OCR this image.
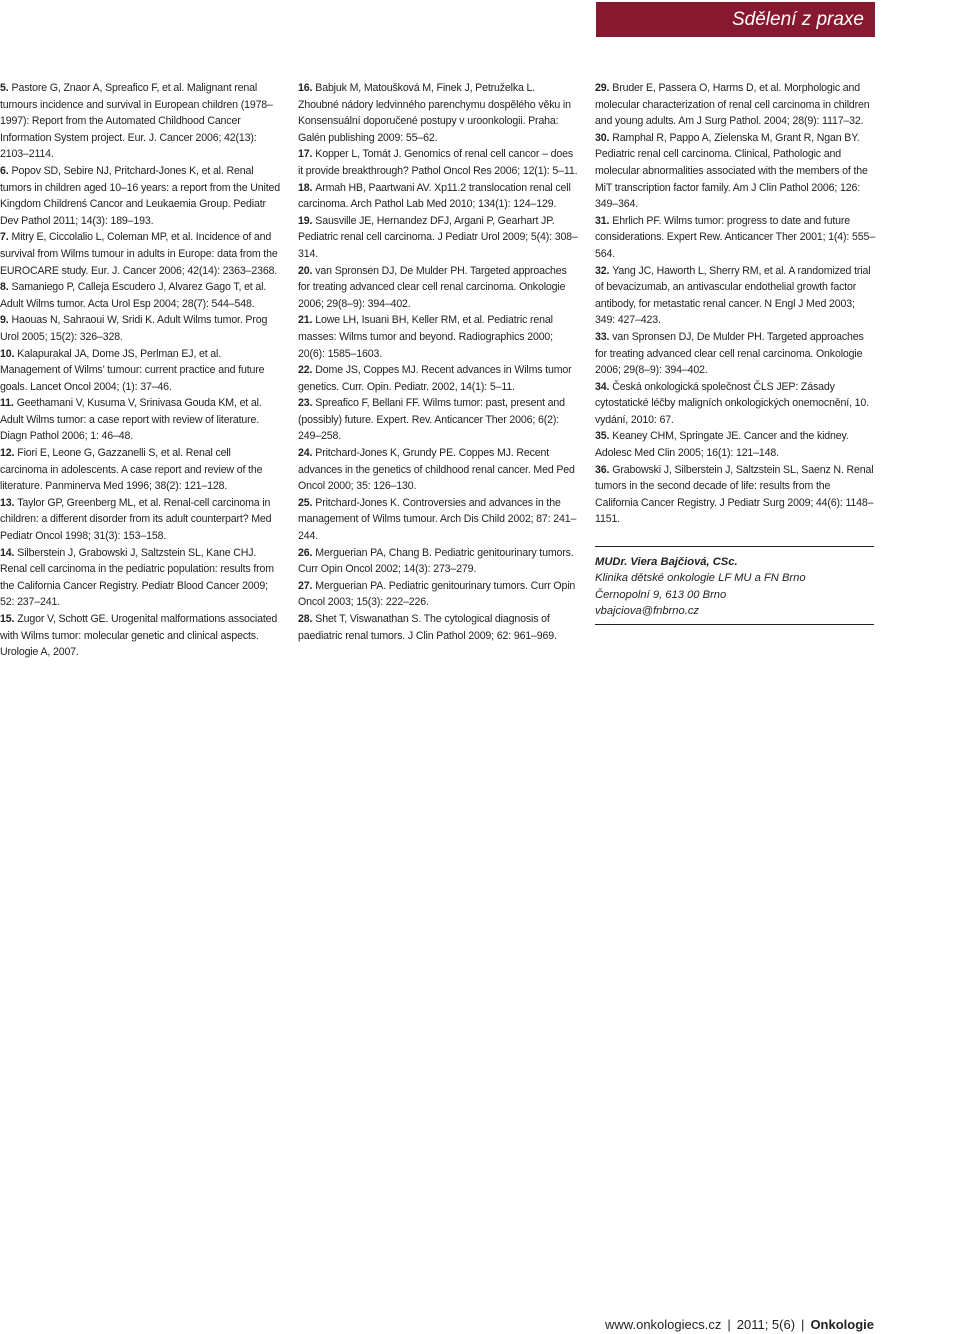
Sdělení z praxe

5. Pastore G, Znaor A, Spreafico F, et al. Malignant renal tumours incidence and survival in European children (1978–1997): Report from the Automated Childhood Cancer Information System project. Eur. J. Cancer 2006; 42(13): 2103–2114.

6. Popov SD, Sebire NJ, Pritchard-Jones K, et al. Renal tumors in children aged 10–16 years: a report from the United Kingdom Childrenś Cancor and Leukaemia Group. Pediatr Dev Pathol 2011; 14(3): 189–193.

7. Mitry E, Ciccolalio L, Coleman MP, et al. Incidence of and survival from Wilms tumour in adults in Europe: data from the EUROCARE study. Eur. J. Cancer 2006; 42(14): 2363–2368.

8. Samaniego P, Calleja Escudero J, Alvarez Gago T, et al. Adult Wilms tumor. Acta Urol Esp 2004; 28(7): 544–548.

9. Haouas N, Sahraoui W, Sridi K. Adult Wilms tumor. Prog Urol 2005; 15(2): 326–328.

10. Kalapurakal JA, Dome JS, Perlman EJ, et al. Management of Wilms’ tumour: current practice and future goals. Lancet Oncol 2004; (1): 37–46.

11. Geethamani V, Kusuma V, Srinivasa Gouda KM, et al. Adult Wilms tumor: a case report with review of literature. Diagn Pathol 2006; 1: 46–48.

12. Fiori E, Leone G, Gazzanelli S, et al. Renal cell carcinoma in adolescents. A case report and review of the literature. Panminerva Med 1996; 38(2): 121–128.

13. Taylor GP, Greenberg ML, et al. Renal-cell carcinoma in children: a different disorder from its adult counterpart? Med Pediatr Oncol 1998; 31(3): 153–158.

14. Silberstein J, Grabowski J, Saltzstein SL, Kane CHJ. Renal cell carcinoma in the pediatric population: results from the California Cancer Registry. Pediatr Blood Cancer 2009; 52: 237–241.

15. Zugor V, Schott GE. Urogenital malformations associated with Wilms tumor: molecular genetic and clinical aspects. Urologie A, 2007.

16. Babjuk M, Matoušková M, Finek J, Petruželka L. Zhoubné nádory ledvinného parenchymu dospělého věku in Konsensuální doporučené postupy v uroonkologii. Praha: Galén publishing 2009: 55–62.

17. Kopper L, Tomát J. Genomics of renal cell cancor – does it provide breakthrough? Pathol Oncol Res 2006; 12(1): 5–11.

18. Armah HB, Paartwani AV. Xp11.2 translocation renal cell carcinoma. Arch Pathol Lab Med 2010; 134(1): 124–129.

19. Sausville JE, Hernandez DFJ, Argani P, Gearhart JP. Pediatric renal cell carcinoma. J Pediatr Urol 2009; 5(4): 308–314.

20. van Spronsen DJ, De Mulder PH. Targeted approaches for treating advanced clear cell renal carcinoma. Onkologie 2006; 29(8–9): 394–402.

21. Lowe LH, Isuani BH, Keller RM, et al. Pediatric renal masses: Wilms tumor and beyond. Radiographics 2000; 20(6): 1585–1603.

22. Dome JS, Coppes MJ. Recent advances in Wilms tumor genetics. Curr. Opin. Pediatr. 2002, 14(1): 5–11.

23. Spreafico F, Bellani FF. Wilms tumor: past, present and (possibly) future. Expert. Rev. Anticancer Ther 2006; 6(2): 249–258.

24. Pritchard-Jones K, Grundy PE. Coppes MJ. Recent advances in the genetics of childhood renal cancer. Med Ped Oncol 2000; 35: 126–130.

25. Pritchard-Jones K. Controversies and advances in the management of Wilms tumour. Arch Dis Child 2002; 87: 241–244.

26. Merguerian PA, Chang B. Pediatric genitourinary tumors. Curr Opin Oncol 2002; 14(3): 273–279.

27. Merguerian PA. Pediatric genitourinary tumors. Curr Opin Oncol 2003; 15(3): 222–226.

28. Shet T, Viswanathan S. The cytological diagnosis of paediatric renal tumors. J Clin Pathol 2009; 62: 961–969.

29. Bruder E, Passera O, Harms D, et al. Morphologic and molecular characterization of renal cell carcinoma in children and young adults. Am J Surg Pathol. 2004; 28(9): 1117–32.

30. Ramphal R, Pappo A, Zielenska M, Grant R, Ngan BY. Pediatric renal cell carcinoma. Clinical, Pathologic and molecular abnormalities associated with the members of the MiT transcription factor family. Am J Clin Pathol 2006; 126: 349–364.

31. Ehrlich PF. Wilms tumor: progress to date and future considerations. Expert Rew. Anticancer Ther 2001; 1(4): 555–564.

32. Yang JC, Haworth L, Sherry RM, et al. A randomized trial of bevacizumab, an antivascular endothelial growth factor antibody, for metastatic renal cancer. N Engl J Med 2003; 349: 427–423.

33. van Spronsen DJ, De Mulder PH. Targeted approaches for treating advanced clear cell renal carcinoma. Onkologie 2006; 29(8–9): 394–402.

34. Česká onkologická společnost ČLS JEP: Zásady cytostatické léčby maligních onkologických onemocnění, 10. vydání, 2010: 67.

35. Keaney CHM, Springate JE. Cancer and the kidney. Adolesc Med Clin 2005; 16(1): 121–148.

36. Grabowski J, Silberstein J, Saltzstein SL, Saenz N. Renal tumors in the second decade of life: results from the California Cancer Registry. J Pediatr Surg 2009; 44(6): 1148–1151.

MUDr. Viera Bajčiová, CSc.
Klinika dětské onkologie LF MU a FN Brno
Černopolní 9, 613 00 Brno
vbajciova@fnbrno.cz
www.onkologiecs.cz | 2011; 5(6) | Onkologie
